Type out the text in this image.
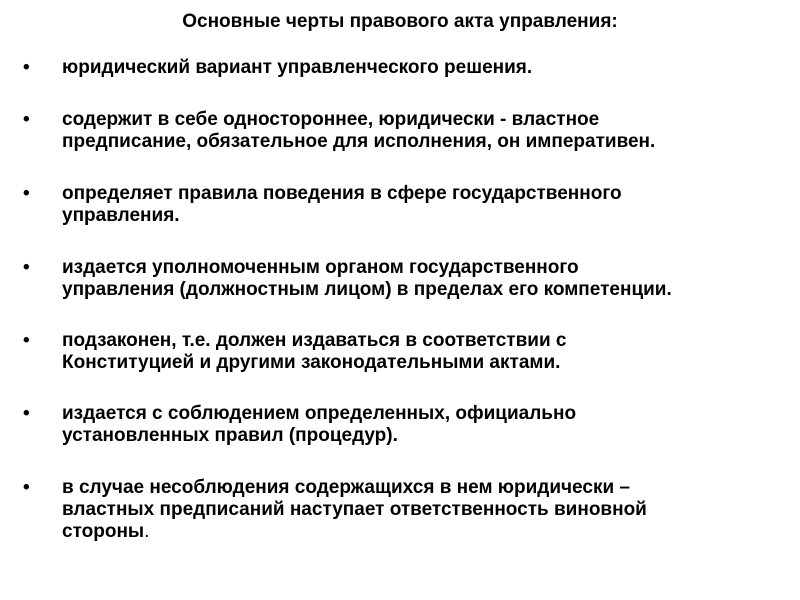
Основные черты правового акта управления:
• юридический вариант управленческого решения.
• содержит в себе одностороннее, юридически - властное
предписание, обязательное для исполнения, он императивен.
• определяет правила поведения в сфере государственного
управления.
• издается уполномоченным органом государственного
управления (должностным лицом) в пределах его компетенции.
• подзаконен, т.е. должен издаваться в соответствии с
Конституцией и другими законодательными актами.
• издается с соблюдением определенных, официально
установленных правил (процедур).
• в случае несоблюдения содержащихся в нем юридически –
властных предписаний наступает ответственность виновной
стороны.
